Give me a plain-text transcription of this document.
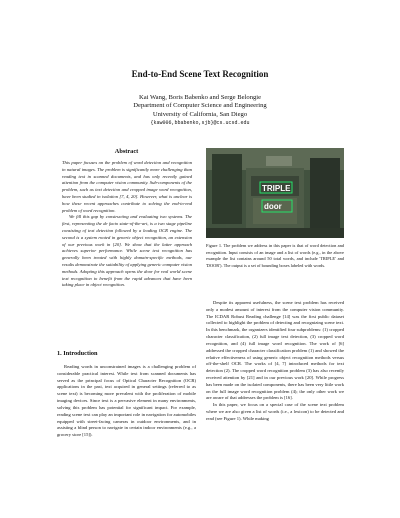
End-to-End Scene Text Recognition
Kai Wang, Boris Babenko and Serge Belongie
Department of Computer Science and Engineering
University of California, San Diego
{kaw006,bbabenko,sjb}@cs.ucsd.edu
Abstract

This paper focuses on the problem of word detection and recognition in natural images. The problem is significantly more challenging than reading text in scanned documents, and has only recently gained attention from the computer vision community. Sub-components of the problem, such as text detection and cropped image word recognition, have been studied in isolation [7, 4, 20]. However, what is unclear is how these recent approaches contribute to solving the end-to-end problem of word recognition.

We fill this gap by constructing and evaluating two systems. The first, representing the de facto state-of-the-art, is a two stage pipeline consisting of text detection followed by a leading OCR engine. The second is a system rooted in generic object recognition, an extension of our previous work in [20]. We show that the latter approach achieves superior performance. While scene text recognition has generally been treated with highly domain-specific methods, our results demonstrate the suitability of applying generic computer vision methods. Adopting this approach opens the door for real world scene text recognition to benefit from the rapid advances that have been taking place in object recognition.

1. Introduction
Reading words in unconstrained images is a challenging problem of considerable practical interest. While text from scanned documents has served as the principal focus of Optical Character Recognition (OCR) applications in the past, text acquired in general settings (referred to as scene text) is becoming more prevalent with the proliferation of mobile imaging devices. Since text is a pervasive element in many environments, solving this problem has potential for significant impact. For example, reading scene text can play an important role in navigation for automobiles equipped with street-facing cameras in outdoor environments, and in assisting a blind person to navigate in certain indoor environments (e.g., a grocery store [15]).
TRIPLE
door
Figure 1. The problem we address in this paper is that of word detection and recognition. Input consists of an image and a list of words (e.g., in the above example the list contains around 50 total words, and include 'TRIPLE' and 'DOOR'). The output is a set of bounding boxes labeled with words.

Despite its apparent usefulness, the scene text problem has received only a modest amount of interest from the computer vision community. The ICDAR Robust Reading challenge [14] was the first public dataset collected to highlight the problem of detecting and recognizing scene text. In this benchmark, the organizers identified four subproblems: (1) cropped character classification, (2) full image text detection, (3) cropped word recognition, and (4) full image word recognition. The work of [6] addressed the cropped character classification problem (1) and showed the relative effectiveness of using generic object recognition methods versus off-the-shelf OCR. The works of [4, 7] introduced methods for text detection (2). The cropped word recognition problem (3) has also recently received attention by [21] and in our previous work [20]. While progress has been made on the isolated components, there has been very little work on the full image word recognition problem (4); the only other work we are aware of that addresses the problem is [16].

In this paper, we focus on a special case of the scene text problem where we are also given a list of words (i.e., a lexicon) to be detected and read (see Figure 1). While making
